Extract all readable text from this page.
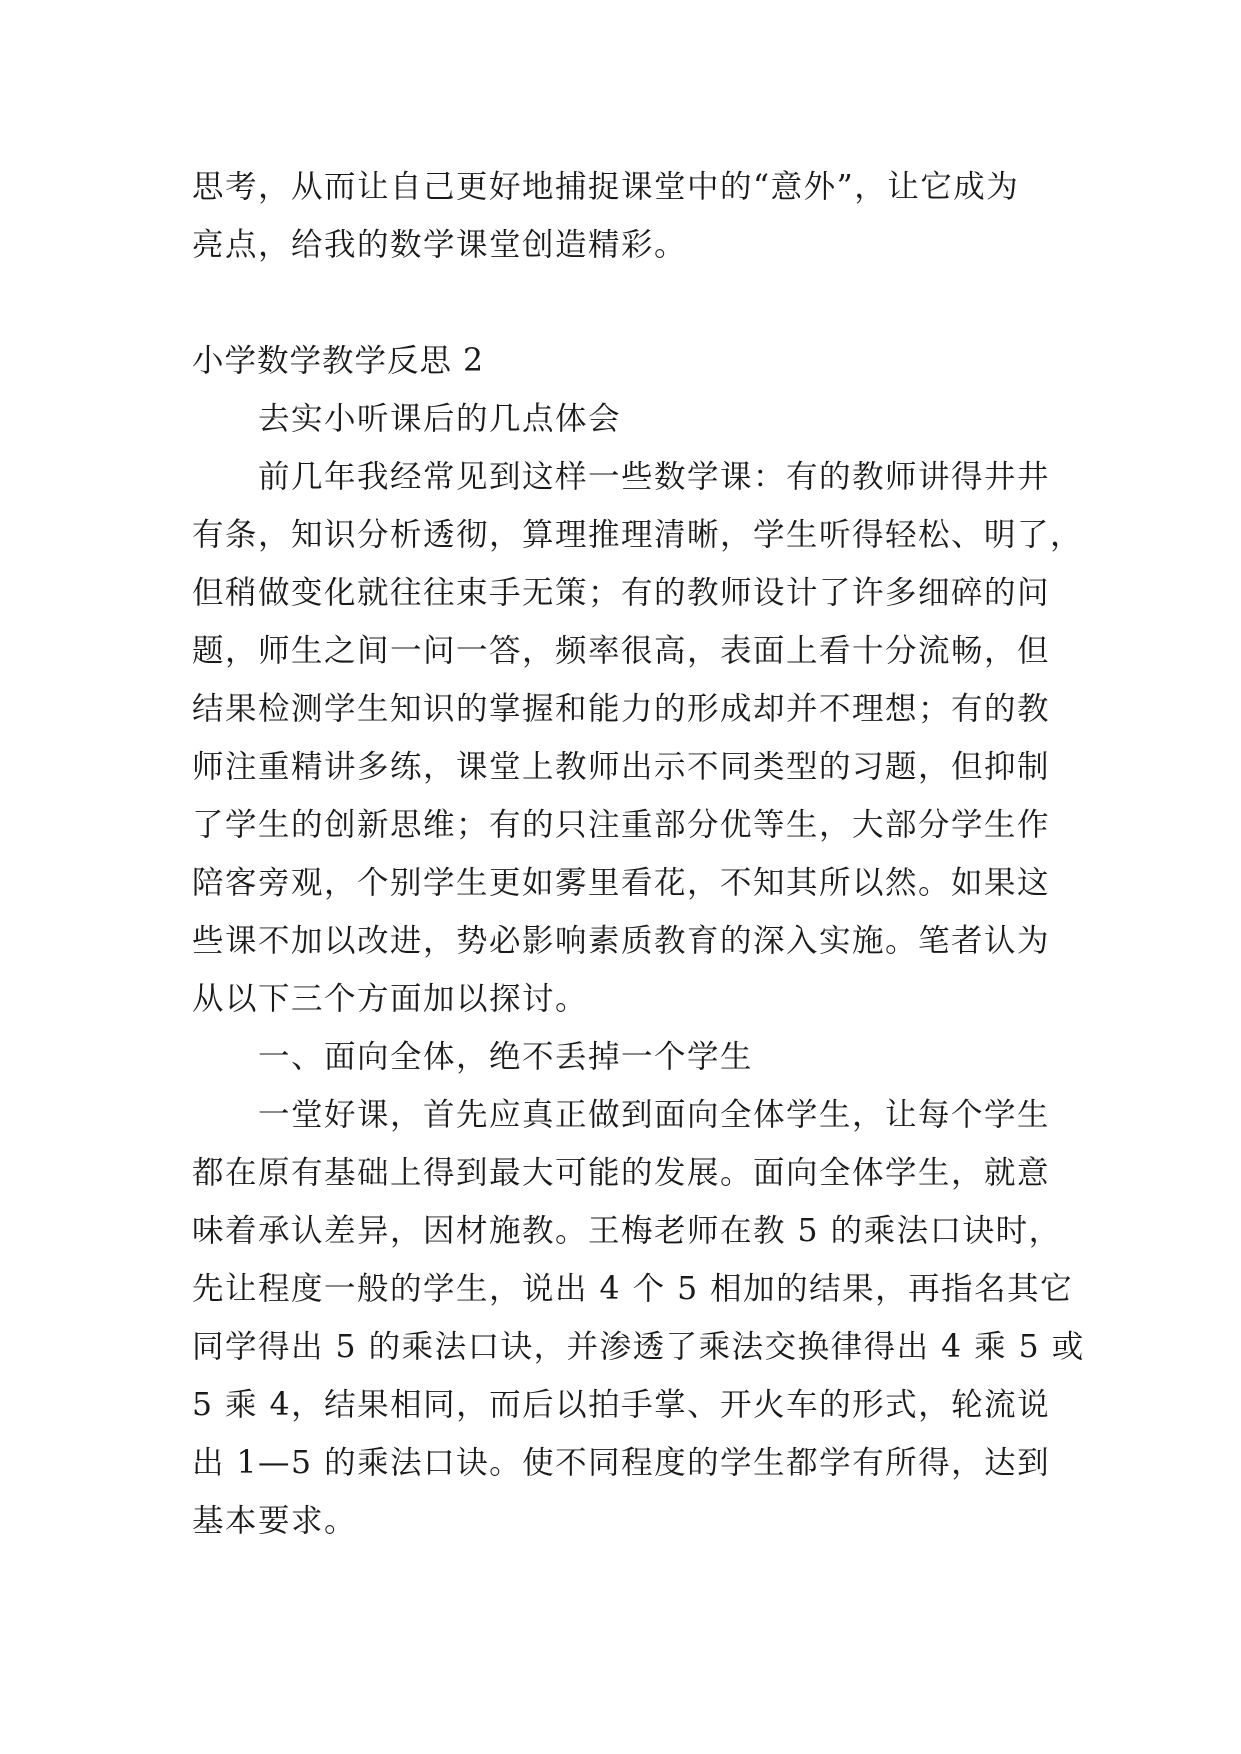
思考，从而让自己更好地捕捉课堂中的“意外”，让它成为
亮点，给我的数学课堂创造精彩。
小学数学教学反思 2
去实小听课后的几点体会
前几年我经常见到这样一些数学课：有的教师讲得井井
有条，知识分析透彻，算理推理清晰，学生听得轻松、明了，
但稍做变化就往往束手无策；有的教师设计了许多细碎的问
题，师生之间一问一答，频率很高，表面上看十分流畅，但
结果检测学生知识的掌握和能力的形成却并不理想；有的教
师注重精讲多练，课堂上教师出示不同类型的习题，但抑制
了学生的创新思维；有的只注重部分优等生，大部分学生作
陪客旁观，个别学生更如雾里看花，不知其所以然。如果这
些课不加以改进，势必影响素质教育的深入实施。笔者认为
从以下三个方面加以探讨。
一、面向全体，绝不丢掉一个学生
一堂好课，首先应真正做到面向全体学生，让每个学生
都在原有基础上得到最大可能的发展。面向全体学生，就意
味着承认差异，因材施教。王梅老师在教 5 的乘法口诀时，
先让程度一般的学生，说出 4 个 5 相加的结果，再指名其它
同学得出 5 的乘法口诀，并渗透了乘法交换律得出 4 乘 5 或
5 乘 4，结果相同，而后以拍手掌、开火车的形式，轮流说
出 1—5 的乘法口诀。使不同程度的学生都学有所得，达到
基本要求。
